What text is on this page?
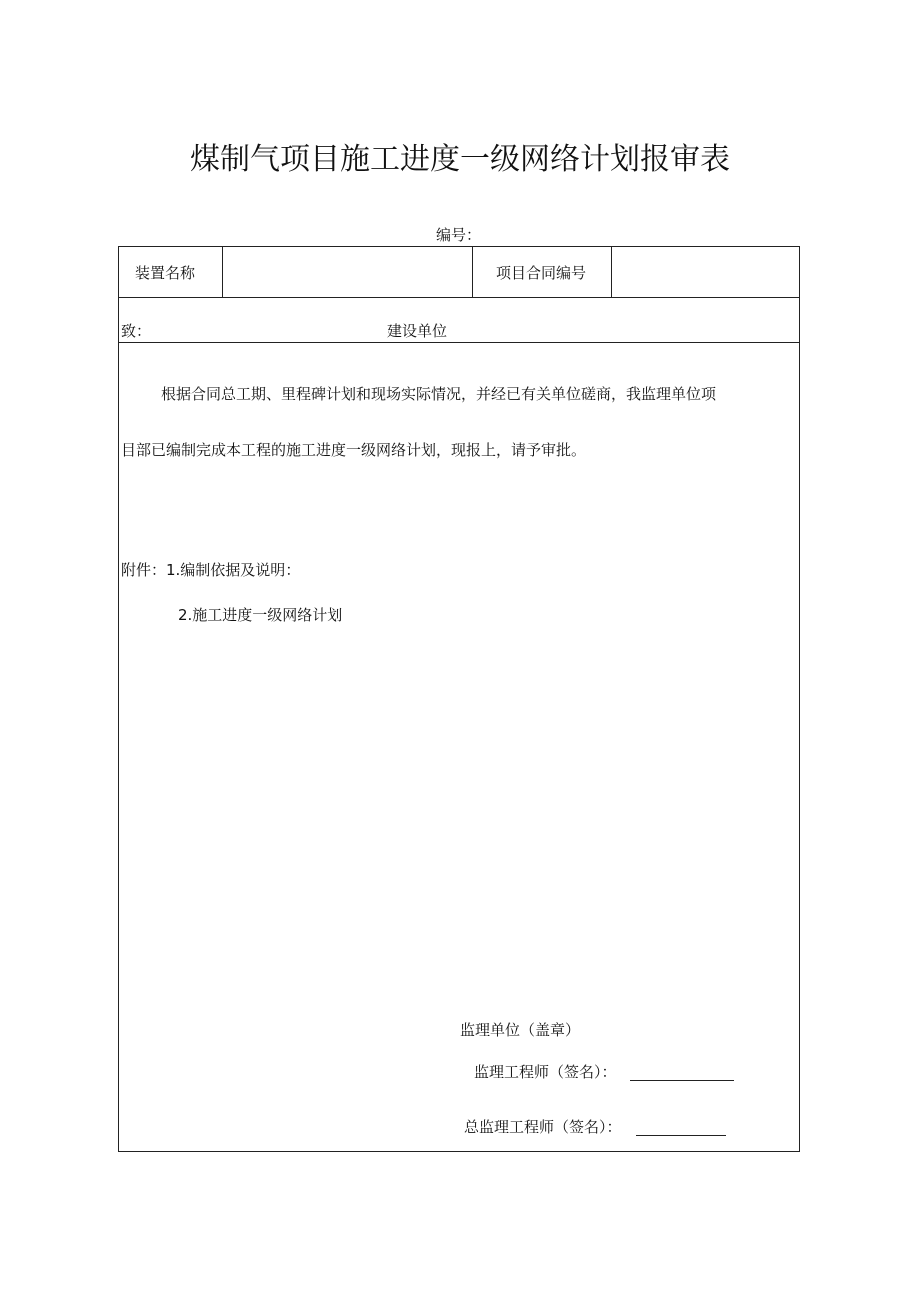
煤制气项目施工进度一级网络计划报审表
编号：
装置名称	项目合同编号
致：	建设单位
根据合同总工期、里程碑计划和现场实际情况，并经已有关单位磋商，我监理单位项
目部已编制完成本工程的施工进度一级网络计划，现报上，请予审批。
附件：1.编制依据及说明：
2.施工进度一级网络计划
监理单位（盖章）
监理工程师（签名）：
总监理工程师（签名）：
